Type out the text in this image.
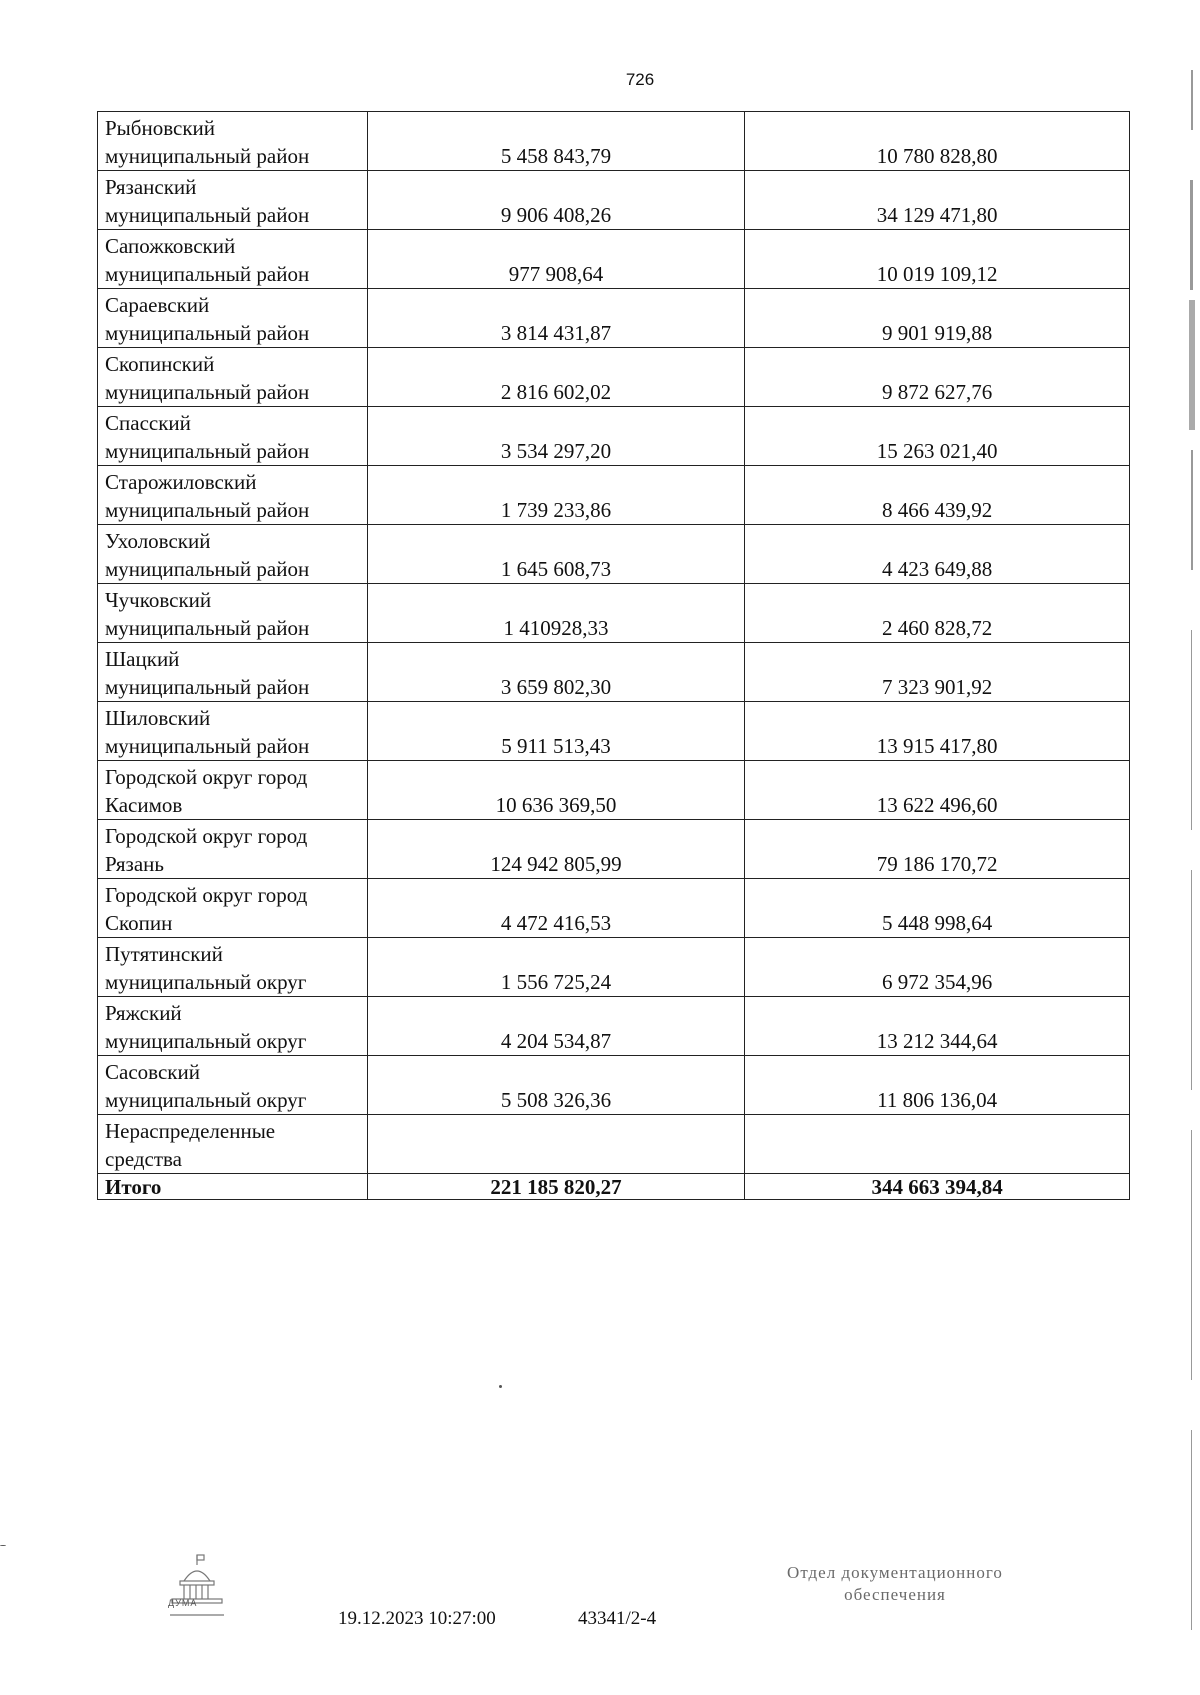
726
Рыбновский
муниципальный район	5 458 843,79	10 780 828,80
Рязанский
муниципальный район	9 906 408,26	34 129 471,80
Сапожковский
муниципальный район	977 908,64	10 019 109,12
Сараевский
муниципальный район	3 814 431,87	9 901 919,88
Скопинский
муниципальный район	2 816 602,02	9 872 627,76
Спасский
муниципальный район	3 534 297,20	15 263 021,40
Старожиловский
муниципальный район	1 739 233,86	8 466 439,92
Ухоловский
муниципальный район	1 645 608,73	4 423 649,88
Чучковский
муниципальный район	1 410928,33	2 460 828,72
Шацкий
муниципальный район	3 659 802,30	7 323 901,92
Шиловский
муниципальный район	5 911 513,43	13 915 417,80
Городской округ город
Касимов	10 636 369,50	13 622 496,60
Городской округ город
Рязань	124 942 805,99	79 186 170,72
Городской округ город
Скопин	4 472 416,53	5 448 998,64
Путятинский
муниципальный округ	1 556 725,24	6 972 354,96
Ряжский
муниципальный округ	4 204 534,87	13 212 344,64
Сасовский
муниципальный округ	5 508 326,36	11 806 136,04
Нераспределенные
средства		
Итого	221 185 820,27	344 663 394,84
ДУМА
19.12.2023 10:27:00	43341/2-4
Отдел документационного
обеспечения
